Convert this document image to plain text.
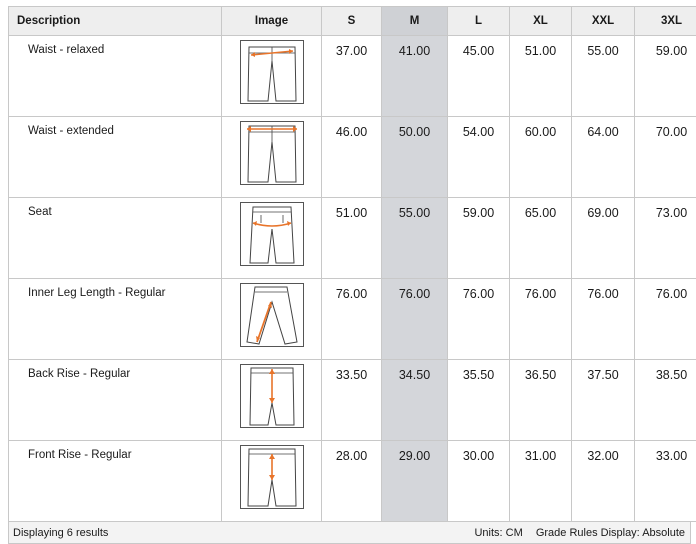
Description	Image	S	M	L	XL	XXL	3XL
Waist - relaxed		37.00	41.00	45.00	51.00	55.00	59.00
Waist - extended		46.00	50.00	54.00	60.00	64.00	70.00
Seat		51.00	55.00	59.00	65.00	69.00	73.00
Inner Leg Length - Regular		76.00	76.00	76.00	76.00	76.00	76.00
Back Rise - Regular		33.50	34.50	35.50	36.50	37.50	38.50
Front Rise - Regular		28.00	29.00	30.00	31.00	32.00	33.00
Displaying 6 results	Units: CM Grade Rules Display: Absolute
